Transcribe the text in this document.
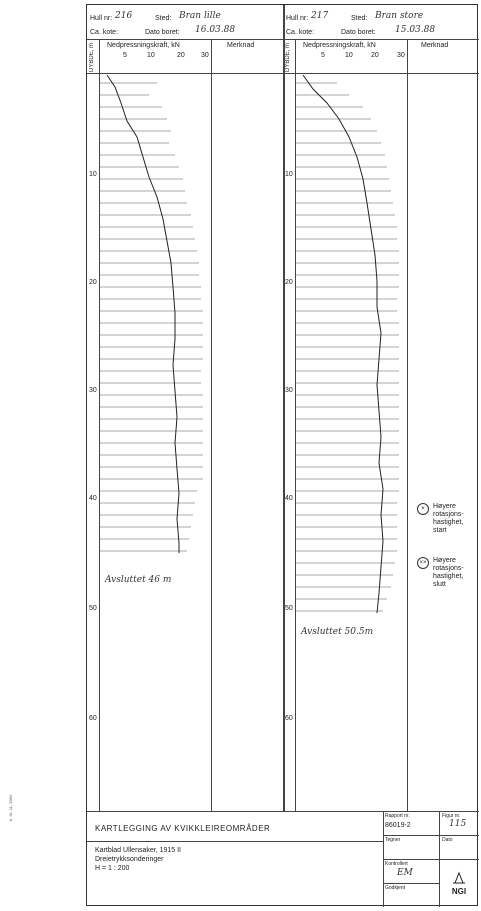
K. Nr. 11, 1984
Hull nr: 216	Sted: Bran lille
Ca. kote:	Dato boret: 16.03.88
Hull nr: 217	Sted: Bran store
Ca. kote:	Dato boret: 15.03.88
DYBDE, m Nedpressningskraft, kN
5	10	20 30
Merknad	DYBDE, m Nedpressningskraft, kN
5	10	20	30
Merknad
10
20
30
40
50
60
10
20
30
40
50
60
Avsluttet 46 m
Avsluttet 50.5m
×	Høyere
rotasjons-
hastighet,
start
×× Høyere
rotasjons-
hastighet,
slutt
KARTLEGGING AV KVIKKLEIREOMRÅDER
Kartblad Ullensaker, 1915 II
Dreietrykksonderinger
H = 1 : 200
Rapport nr.
86019-2
Figur nr.
115
Tegner	Dato
Kontrollert
EM
Godkjent	NGI
